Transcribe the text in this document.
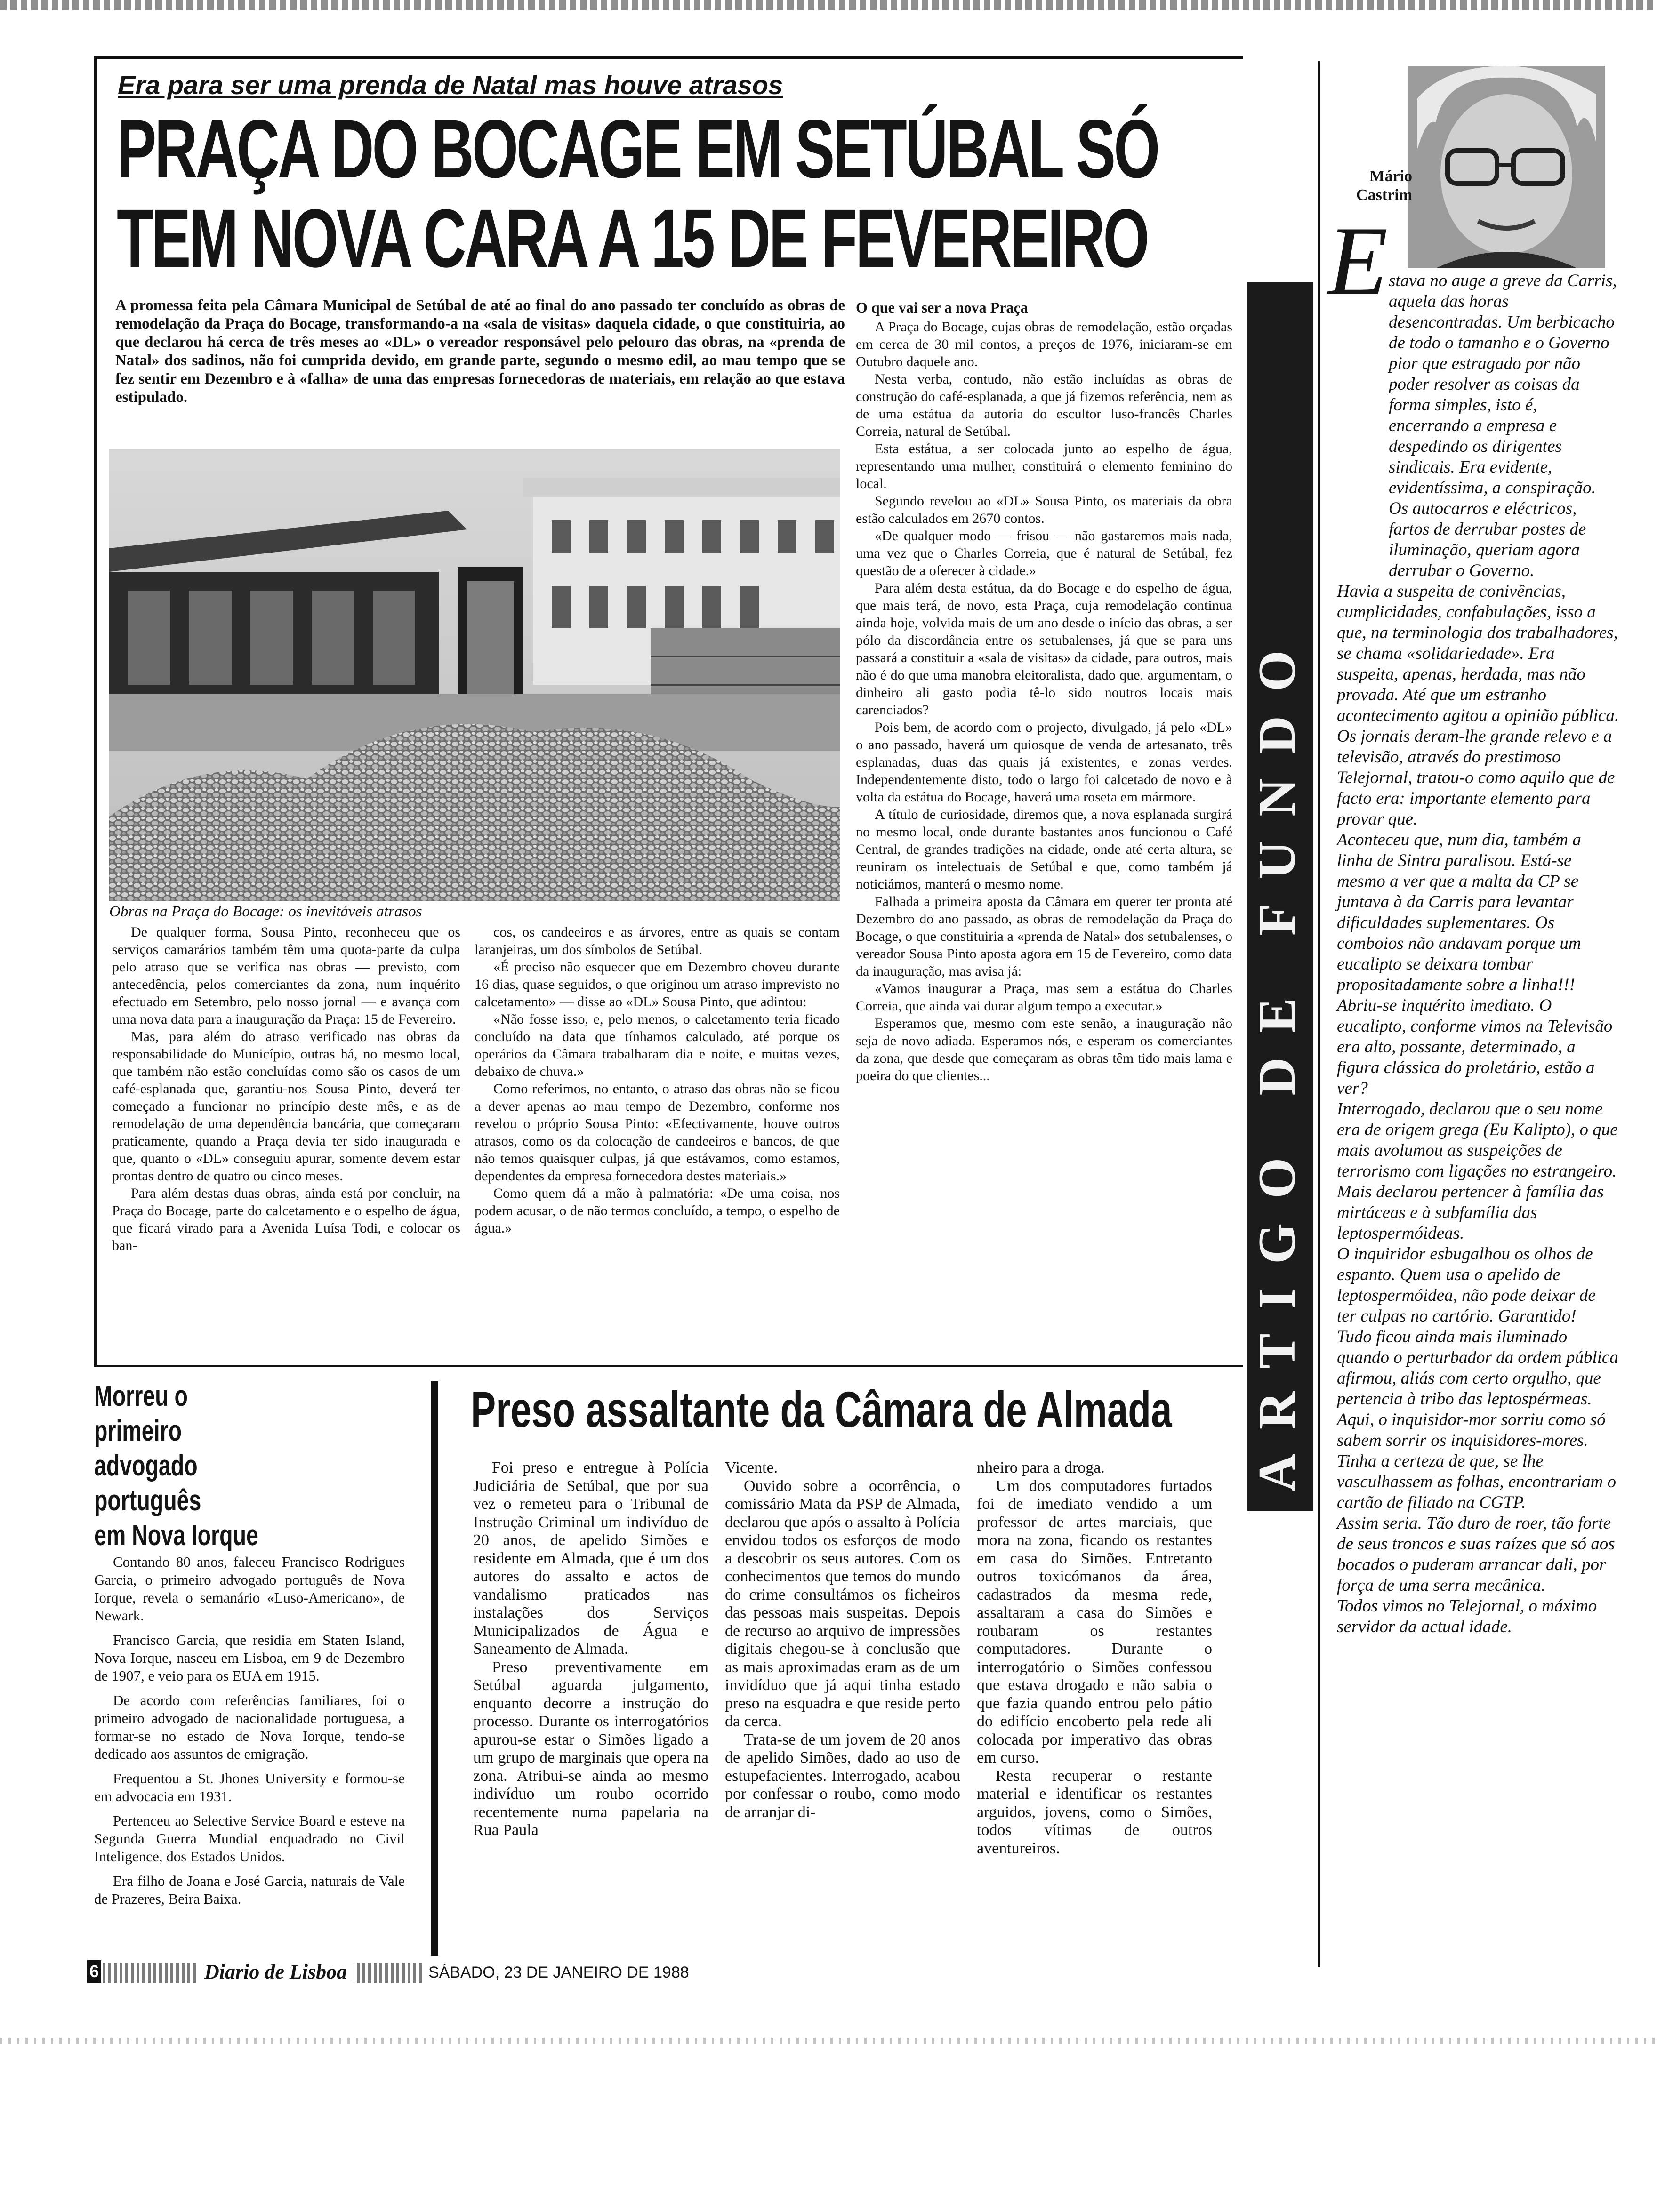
Era para ser uma prenda de Natal mas houve atrasos
PRAÇA DO BOCAGE EM SETÚBAL SÓ
TEM NOVA CARA A 15 DE FEVEREIRO
A promessa feita pela Câmara Municipal de Setúbal de até ao final do ano passado ter concluído as obras de remodelação da Praça do Bocage, transformando-a na «sala de visitas» daquela cidade, o que constituiria, ao que declarou há cerca de três meses ao «DL» o vereador responsável pelo pelouro das obras, na «prenda de Natal» dos sadinos, não foi cumprida devido, em grande parte, segundo o mesmo edil, ao mau tempo que se fez sentir em Dezembro e à «falha» de uma das empresas fornecedoras de materiais, em relação ao que estava estipulado.
Obras na Praça do Bocage: os inevitáveis atrasos

De qualquer forma, Sousa Pinto, reconheceu que os serviços camarários também têm uma quota-parte da culpa pelo atraso que se verifica nas obras — previsto, com antecedência, pelos comerciantes da zona, num inquérito efectuado em Setembro, pelo nosso jornal — e avança com uma nova data para a inauguração da Praça: 15 de Fevereiro.

Mas, para além do atraso verificado nas obras da responsabilidade do Município, outras há, no mesmo local, que também não estão concluídas como são os casos de um café-esplanada que, garantiu-nos Sousa Pinto, deverá ter começado a funcionar no princípio deste mês, e as de remodelação de uma dependência bancária, que começaram praticamente, quando a Praça devia ter sido inaugurada e que, quanto o «DL» conseguiu apurar, somente devem estar prontas dentro de quatro ou cinco meses.

Para além destas duas obras, ainda está por concluir, na Praça do Bocage, parte do calcetamento e o espelho de água, que ficará virado para a Avenida Luísa Todi, e colocar os ban-

cos, os candeeiros e as árvores, entre as quais se contam laranjeiras, um dos símbolos de Setúbal.

«É preciso não esquecer que em Dezembro choveu durante 16 dias, quase seguidos, o que originou um atraso imprevisto no calcetamento» — disse ao «DL» Sousa Pinto, que adintou:

«Não fosse isso, e, pelo menos, o calcetamento teria ficado concluído na data que tínhamos calculado, até porque os operários da Câmara trabalharam dia e noite, e muitas vezes, debaixo de chuva.»

Como referimos, no entanto, o atraso das obras não se ficou a dever apenas ao mau tempo de Dezembro, conforme nos revelou o próprio Sousa Pinto: «Efectivamente, houve outros atrasos, como os da colocação de candeeiros e bancos, de que não temos quaisquer culpas, já que estávamos, como estamos, dependentes da empresa fornecedora destes materiais.»

Como quem dá a mão à palmatória: «De uma coisa, nos podem acusar, o de não termos concluído, a tempo, o espelho de água.»

O que vai ser a nova Praça

A Praça do Bocage, cujas obras de remodelação, estão orçadas em cerca de 30 mil contos, a preços de 1976, iniciaram-se em Outubro daquele ano.

Nesta verba, contudo, não estão incluídas as obras de construção do café-esplanada, a que já fizemos referência, nem as de uma estátua da autoria do escultor luso-francês Charles Correia, natural de Setúbal.

Esta estátua, a ser colocada junto ao espelho de água, representando uma mulher, constituirá o elemento feminino do local.

Segundo revelou ao «DL» Sousa Pinto, os materiais da obra estão calculados em 2670 contos.

«De qualquer modo — frisou — não gastaremos mais nada, uma vez que o Charles Correia, que é natural de Setúbal, fez questão de a oferecer à cidade.»

Para além desta estátua, da do Bocage e do espelho de água, que mais terá, de novo, esta Praça, cuja remodelação continua ainda hoje, volvida mais de um ano desde o início das obras, a ser pólo da discordância entre os setubalenses, já que se para uns passará a constituir a «sala de visitas» da cidade, para outros, mais não é do que uma manobra eleitoralista, dado que, argumentam, o dinheiro ali gasto podia tê-lo sido noutros locais mais carenciados?

Pois bem, de acordo com o projecto, divulgado, já pelo «DL» o ano passado, haverá um quiosque de venda de artesanato, três esplanadas, duas das quais já existentes, e zonas verdes. Independentemente disto, todo o largo foi calcetado de novo e à volta da estátua do Bocage, haverá uma roseta em mármore.

A título de curiosidade, diremos que, a nova esplanada surgirá no mesmo local, onde durante bastantes anos funcionou o Café Central, de grandes tradições na cidade, onde até certa altura, se reuniram os intelectuais de Setúbal e que, como também já noticiámos, manterá o mesmo nome.

Falhada a primeira aposta da Câmara em querer ter pronta até Dezembro do ano passado, as obras de remodelação da Praça do Bocage, o que constituiria a «prenda de Natal» dos setubalenses, o vereador Sousa Pinto aposta agora em 15 de Fevereiro, como data da inauguração, mas avisa já:

«Vamos inaugurar a Praça, mas sem a estátua do Charles Correia, que ainda vai durar algum tempo a executar.»

Esperamos que, mesmo com este senão, a inauguração não seja de novo adiada. Esperamos nós, e esperam os comerciantes da zona, que desde que começaram as obras têm tido mais lama e poeira do que clientes...

Morreu o primeiro
advogado
português
em Nova Iorque

Contando 80 anos, faleceu Francisco Rodrigues Garcia, o primeiro advogado português de Nova Iorque, revela o semanário «Luso-Americano», de Newark.

Francisco Garcia, que residia em Staten Island, Nova Iorque, nasceu em Lisboa, em 9 de Dezembro de 1907, e veio para os EUA em 1915.

De acordo com referências familiares, foi o primeiro advogado de nacionalidade portuguesa, a formar-se no estado de Nova Iorque, tendo-se dedicado aos assuntos de emigração.

Frequentou a St. Jhones University e formou-se em advocacia em 1931.

Pertenceu ao Selective Service Board e esteve na Segunda Guerra Mundial enquadrado no Civil Inteligence, dos Estados Unidos.

Era filho de Joana e José Garcia, naturais de Vale de Prazeres, Beira Baixa.

Preso assaltante da Câmara de Almada

Foi preso e entregue à Polícia Judiciária de Setúbal, que por sua vez o remeteu para o Tribunal de Instrução Criminal um indivíduo de 20 anos, de apelido Simões e residente em Almada, que é um dos autores do assalto e actos de vandalismo praticados nas instalações dos Serviços Municipalizados de Água e Saneamento de Almada.

Preso preventivamente em Setúbal aguarda julgamento, enquanto decorre a instrução do processo. Durante os interrogatórios apurou-se estar o Simões ligado a um grupo de marginais que opera na zona. Atribui-se ainda ao mesmo indivíduo um roubo ocorrido recentemente numa papelaria na Rua Paula

Vicente.

Ouvido sobre a ocorrência, o comissário Mata da PSP de Almada, declarou que após o assalto à Polícia envidou todos os esforços de modo a descobrir os seus autores. Com os conhecimentos que temos do mundo do crime consultámos os ficheiros das pessoas mais suspeitas. Depois de recurso ao arquivo de impressões digitais chegou-se à conclusão que as mais aproximadas eram as de um invidíduo que já aqui tinha estado preso na esquadra e que reside perto da cerca.

Trata-se de um jovem de 20 anos de apelido Simões, dado ao uso de estupefacientes. Interrogado, acabou por confessar o roubo, como modo de arranjar di-

nheiro para a droga.

Um dos computadores furtados foi de imediato vendido a um professor de artes marciais, que mora na zona, ficando os restantes em casa do Simões. Entretanto outros toxicómanos da área, cadastrados da mesma rede, assaltaram a casa do Simões e roubaram os restantes computadores. Durante o interrogatório o Simões confessou que estava drogado e não sabia o que fazia quando entrou pelo pátio do edifício encoberto pela rede ali colocada por imperativo das obras em curso.

Resta recuperar o restante material e identificar os restantes arguidos, jovens, como o Simões, todos vítimas de outros aventureiros.

ARTIGO DE FUNDO
Mário
Castrim
E stava no auge a greve da Carris, aquela das horas desencontradas. Um berbicacho de todo o tamanho e o Governo pior que estragado por não poder resolver as coisas da forma simples, isto é, encerrando a empresa e despedindo os dirigentes sindicais. Era evidente, evidentíssima, a conspiração. Os autocarros e eléctricos, fartos de derrubar postes de iluminação, queriam agora derrubar o Governo.

Havia a suspeita de conivências, cumplicidades, confabulações, isso a que, na terminologia dos trabalhadores, se chama «solidariedade». Era suspeita, apenas, herdada, mas não provada. Até que um estranho acontecimento agitou a opinião pública. Os jornais deram-lhe grande relevo e a televisão, através do prestimoso Telejornal, tratou-o como aquilo que de facto era: importante elemento para provar que.

Aconteceu que, num dia, também a linha de Sintra paralisou. Está-se mesmo a ver que a malta da CP se juntava à da Carris para levantar dificuldades suplementares. Os comboios não andavam porque um eucalipto se deixara tombar propositadamente sobre a linha!!!

Abriu-se inquérito imediato. O eucalipto, conforme vimos na Televisão era alto, possante, determinado, a figura clássica do proletário, estão a ver?

Interrogado, declarou que o seu nome era de origem grega (Eu Kalipto), o que mais avolumou as suspeições de terrorismo com ligações no estrangeiro.

Mais declarou pertencer à família das mirtáceas e à subfamília das leptospermóideas.

O inquiridor esbugalhou os olhos de espanto. Quem usa o apelido de leptospermóidea, não pode deixar de ter culpas no cartório. Garantido!

Tudo ficou ainda mais iluminado quando o perturbador da ordem pública afirmou, aliás com certo orgulho, que pertencia à tribo das leptospérmeas.

Aqui, o inquisidor-mor sorriu como só sabem sorrir os inquisidores-mores. Tinha a certeza de que, se lhe vasculhassem as folhas, encontrariam o cartão de filiado na CGTP.

Assim seria. Tão duro de roer, tão forte de seus troncos e suas raízes que só aos bocados o puderam arrancar dali, por força de uma serra mecânica.

Todos vimos no Telejornal, o máximo servidor da actual idade.

6	Diario de Lisboa	SÁBADO, 23 DE JANEIRO DE 1988
